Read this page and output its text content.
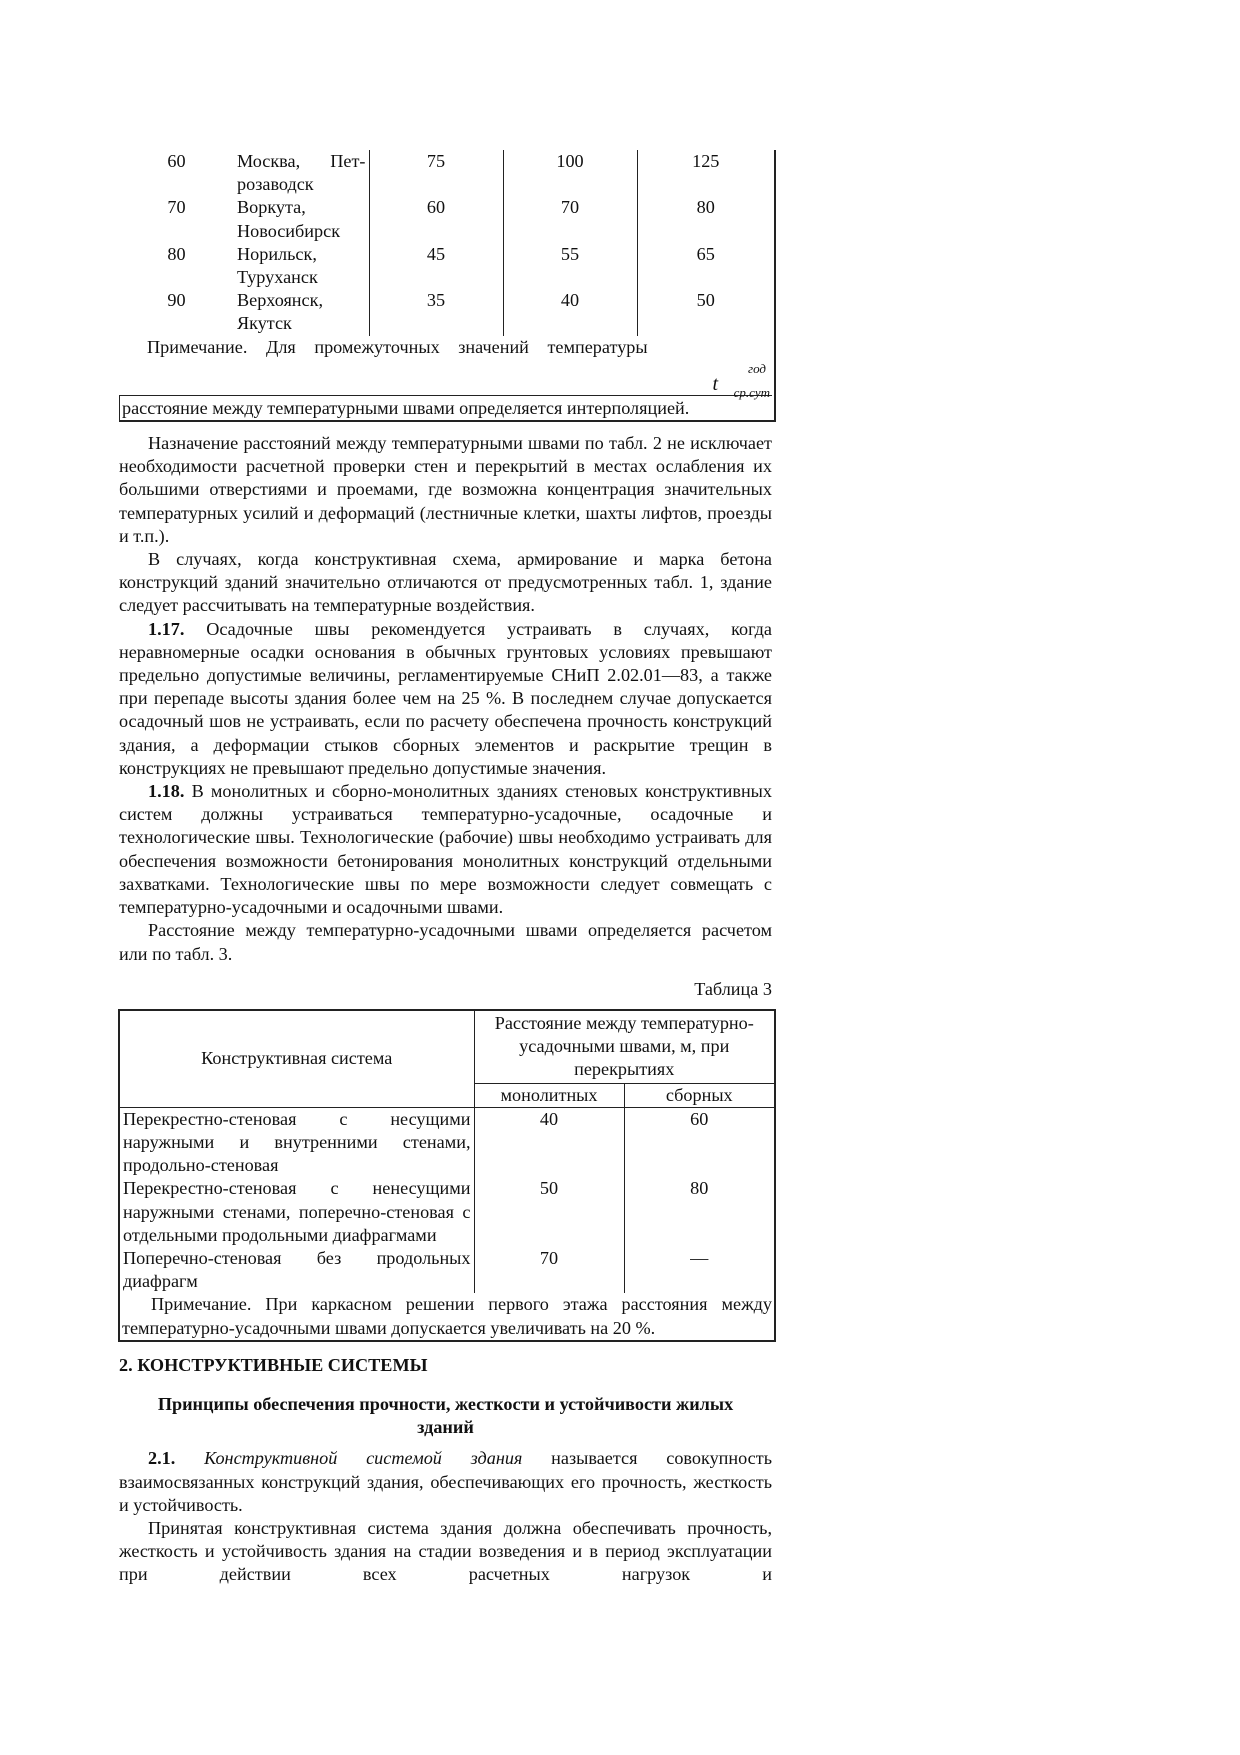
60	Москва, Пет-розаводск	75	100	125
70	Воркута, Новосибирск	60	70	80
80	Норильск, Туруханск	45	55	65
90	Верхоянск, Якутск	35	40	50

Примечание. Для промежуточных значений температуры
t
год
ср.сут
расстояние между температурными швами определяется интерполяцией.				

Назначение расстояний между температурными швами по табл. 2 не исключает необходимости расчетной проверки стен и перекрытий в местах ослабления их большими отверстиями и проемами, где возможна концентрация значительных температурных усилий и деформаций (лестничные клетки, шахты лифтов, проезды и т.п.).

В случаях, когда конструктивная схема, армирование и марка бетона конструкций зданий значительно отличаются от предусмотренных табл. 1, здание следует рассчитывать на температурные воздействия.

1.17. Осадочные швы рекомендуется устраивать в случаях, когда неравномерные осадки основания в обычных грунтовых условиях превышают предельно допустимые величины, регламентируемые СНиП 2.02.01—83, а также при перепаде высоты здания более чем на 25 %. В последнем случае допускается осадочный шов не устраивать, если по расчету обеспечена прочность конструкций здания, а деформации стыков сборных элементов и раскрытие трещин в конструкциях не превышают предельно допустимые значения.

1.18. В монолитных и сборно-монолитных зданиях стеновых конструктивных систем должны устраиваться температурно-усадочные, осадочные и технологические швы. Технологические (рабочие) швы необходимо устраивать для обеспечения возможности бетонирования монолитных конструкций отдельными захватками. Технологические швы по мере возможности следует совмещать с температурно-усадочными и осадочными швами.

Расстояние между температурно-усадочными швами определяется расчетом или по табл. 3.

Таблица 3
Конструктивная система	Расстояние между температурно-усадочными швами, м, при перекрытиях	
	монолитных	сборных
Перекрестно-стеновая с несущими наружными и внутренними стенами, продольно-стеновая	40	60
Перекрестно-стеновая с ненесущими наружными стенами, поперечно-стеновая с отдельными продольными диафрагмами	50	80
Поперечно-стеновая без продольных диафрагм	70	—

Примечание. При каркасном решении первого этажа расстояния между температурно-усадочными швами допускается увеличивать на 20 %.		

2. КОНСТРУКТИВНЫЕ СИСТЕМЫ
Принципы обеспечения прочности, жесткости и устойчивости жилых зданий

2.1. Конструктивной системой здания называется совокупность взаимосвязанных конструкций здания, обеспечивающих его прочность, жесткость и устойчивость.

Принятая конструктивная система здания должна обеспечивать прочность, жесткость и устойчивость здания на стадии возведения и в период эксплуатации при действии всех расчетных нагрузок и
